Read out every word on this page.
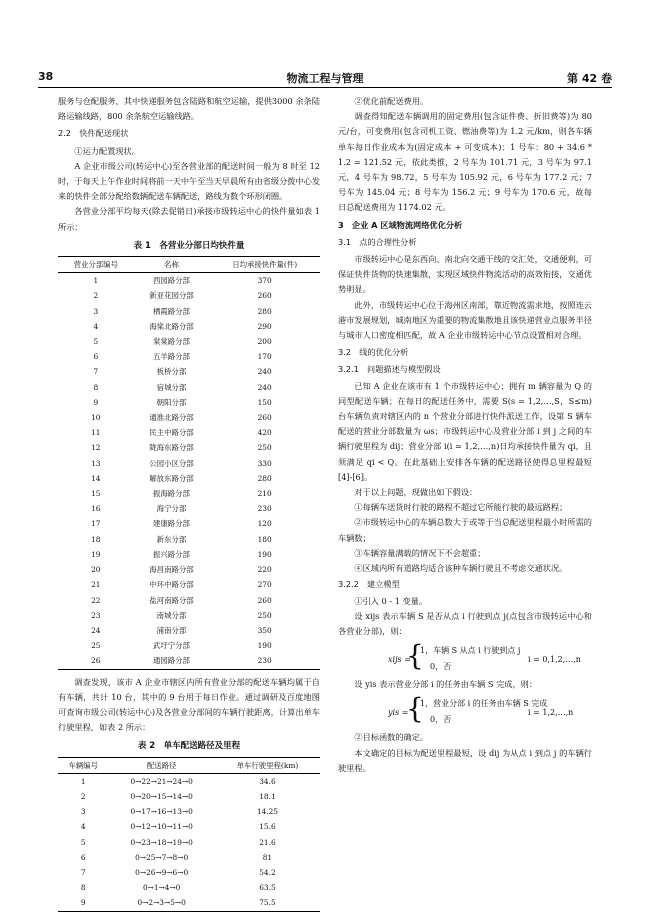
38	物流工程与管理	第 42 卷

服务与仓配服务，其中快递服务包含陆路和航空运输，提供3000 余条陆路运输线路，800 余条航空运输线路。

2.2　快件配送现状

①运力配置现状。

A 企业市级公司(转运中心)至各营业部的配送时间一般为 8 时至 12 时，于每天上午作业时间将前一天中午至当天早晨所有由省级分拨中心发来的快件全部分配给数辆配送车辆配送，路线为数个环形闭圈。

各营业分部平均每天(除去促销日)承接市级转运中心的快件量如表 1 所示：

表 1　各营业分部日均快件量
营业分部编号	名称	日均承接快件量(件)
1	西园路分部	370
2	新亚花园分部	260
3	栖霞路分部	280
4	海棠北路分部	290
5	棠棠路分部	200
6	五羊路分部	170
7	板桥分部	240
8	宿城分部	240
9	朝阳分部	150
10	通淮北路分部	260
11	民主中路分部	420
12	陇海东路分部	250
13	公园小区分部	330
14	解放东路分部	280
15	振海路分部	210
16	海宁分部	230
17	建康路分部	120
18	新东分部	180
19	振兴路分部	190
20	海昌南路分部	220
21	中环中路分部	270
22	盐河南路分部	260
23	南城分部	250
24	浦南分部	350
25	武圩宁分部	190
26	通园路分部	230

调查发现，该市 A 企业市辖区内所有营业分部的配送车辆均属于自有车辆，共计 10 台，其中的 9 台用于每日作业。通过调研及百度地图可查询市级公司(转运中心)及各营业分部间的车辆行驶距离，计算出单车行驶里程，如表 2 所示：

表 2　单车配送路径及里程
车辆编号	配送路径	单车行驶里程(km)
1	0→22→21→24→0	34.6
2	0→20→15→14→0	18.1
3	0→17→16→13→0	14.25
4	0→12→10→11→0	15.6
5	0→23→18→19→0	21.6
6	0→25→7→8→0	81
7	0→26→9→6→0	54.2
8	0→1→4→0	63.5
9	0→2→3→5→0	75.5

②优化前配送费用。

调查得知配送车辆调用的固定费用(包含证件费、折旧费等)为 80 元/台，可变费用(包含司机工资、燃油费等)为 1.2 元/km，则各车辆单车每日作业成本为(固定成本 + 可变成本)：1 号车：80 + 34.6 * 1.2 = 121.52 元，依此类推，2 号车为 101.71 元，3 号车为 97.1 元，4 号车为 98.72，5 号车为 105.92 元，6 号车为 177.2 元；7 号车为 145.04 元；8 号车为 156.2 元；9 号车为 170.6 元，故每日总配送费用为 1174.02 元。

3　企业 A 区域物流网络优化分析
3.1　点的合理性分析

市级转运中心是东西向、南北向交通干线的交汇处，交通便利，可保证快件货物的快速集散，实现区域快件物流活动的高效衔接，交通优势明显。

此外，市级转运中心位于海州区南部，靠近物流需求地，按照连云港市发展规划，城南地区为重要的物流集散地且该快递营业点服务半径与城市人口密度相匹配，故 A 企业市级转运中心节点设置相对合理。

3.2　线的优化分析
3.2.1　问题描述与模型假设

已知 A 企业在该市有 1 个市级转运中心；拥有 m 辆容量为 Q 的同型配送车辆；在每日的配送任务中，需要 S(s = 1,2,…,S，S≤m)台车辆负责对辖区内的 n 个营业分部进行快件派送工作，设第 S 辆车配送的营业分部数量为 ωs；市级转运中心及营业分部 i 到 j 之间的车辆行驶里程为 dij；营业分部 i(i = 1,2,…,n)日均承接快件量为 qi，且须满足 qi < Q。在此基础上安排各车辆的配送路径使得总里程最短[4]-[6]。

对于以上问题，现做出如下假设：

①每辆车送货时行驶的路程不超过它所能行驶的最远路程；

②市级转运中心的车辆总数大于或等于当总配送里程最小时所需的车辆数；

③车辆容量满载的情况下不会超重；

④区域内所有道路均适合该种车辆行驶且不考虑交通状况。

3.2.2　建立模型

①引入 0 - 1 变量。

设 xijs 表示车辆 S 是否从点 i 行驶到点 j(点包含市级转运中心和各营业分部)，则：

xijs =
{
1，车辆 S 从点 i 行驶到点 j
0，否
i = 0,1,2,…,n

设 yis 表示营业分部 i 的任务由车辆 S 完成，则：

yis =
{
1，营业分部 i 的任务由车辆 S 完成
0，否
i = 1,2,…,n

②目标函数的确定。

本文确定的目标为配送里程最短，设 dij 为从点 i 到点 j 的车辆行驶里程。
